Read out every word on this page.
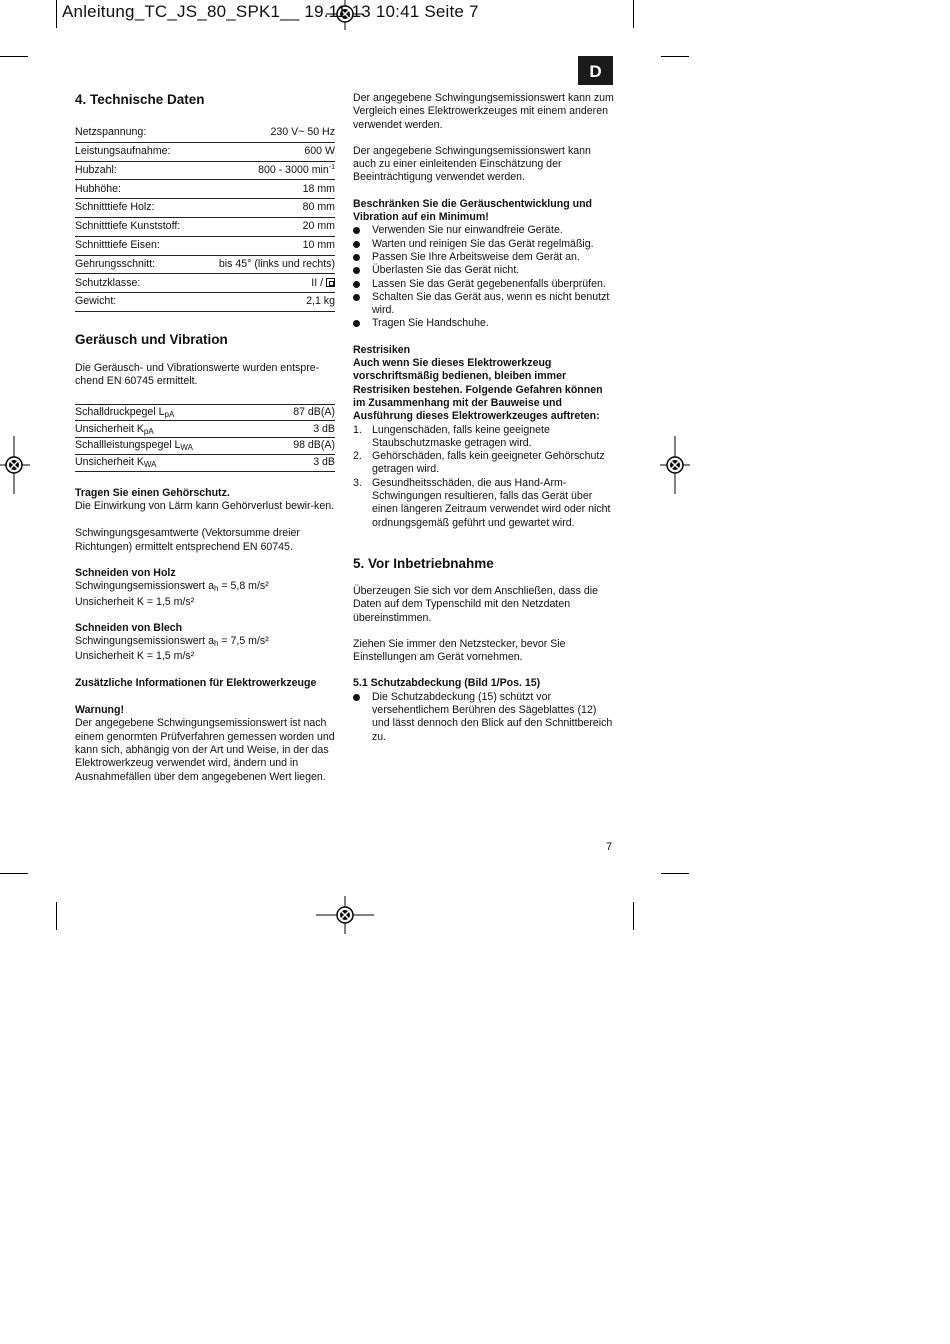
Anleitung_TC_JS_80_SPK1__ 19.11.13 10:41 Seite 7
D
4. Technische Daten
Netzspannung:	230 V~ 50 Hz
Leistungsaufnahme:	600 W
Hubzahl:	800 - 3000 $\min^{-1}$
Hubhöhe:	18 mm
Schnitttiefe Holz:	80 mm
Schnitttiefe Kunststoff:	20 mm
Schnitttiefe Eisen:	10 mm
Gehrungsschnitt:	bis 45° (links und rechts)
Schutzklasse:	II /
Gewicht:	2,1 kg
Geräusch und Vibration

Die Geräusch- und Vibrationswerte wurden entspre-chend EN 60745 ermittelt.

Schalldruckpegel $L_{pA}$	87 dB(A)
Unsicherheit $K_{pA}$	3 dB
Schallleistungspegel $L_{WA}$	98 dB(A)
Unsicherheit $K_{WA}$	3 dB

Tragen Sie einen Gehörschutz.

Die Einwirkung von Lärm kann Gehörverlust bewir-ken.

Schwingungsgesamtwerte (Vektorsumme dreier Richtungen) ermittelt entsprechend EN 60745.

Schneiden von Holz

Schwingungsemissionswert $a_h = 5,8$ m/s²

Unsicherheit K = 1,5 m/s²

Schneiden von Blech

Schwingungsemissionswert $a_h = 7,5$ m/s²

Unsicherheit K = 1,5 m/s²

Zusätzliche Informationen für Elektrowerkzeuge

Warnung!

Der angegebene Schwingungsemissionswert ist nach einem genormten Prüfverfahren gemessen worden und kann sich, abhängig von der Art und Weise, in der das Elektrowerkzeug verwendet wird, ändern und in Ausnahmefällen über dem angegebenen Wert liegen.

Der angegebene Schwingungsemissionswert kann zum Vergleich eines Elektrowerkzeuges mit einem anderen verwendet werden.

Der angegebene Schwingungsemissionswert kann auch zu einer einleitenden Einschätzung der Beeinträchtigung verwendet werden.

Beschränken Sie die Geräuschentwicklung und Vibration auf ein Minimum!

Verwenden Sie nur einwandfreie Geräte.
Warten und reinigen Sie das Gerät regelmäßig.
Passen Sie Ihre Arbeitsweise dem Gerät an.
Überlasten Sie das Gerät nicht.
Lassen Sie das Gerät gegebenenfalls überprüfen.
Schalten Sie das Gerät aus, wenn es nicht benutzt wird.
Tragen Sie Handschuhe.

Restrisiken

Auch wenn Sie dieses Elektrowerkzeug vorschriftsmäßig bedienen, bleiben immer Restrisiken bestehen. Folgende Gefahren können im Zusammenhang mit der Bauweise und Ausführung dieses Elektrowerkzeuges auftreten:

1. Lungenschäden, falls keine geeignete Staubschutzmaske getragen wird.
2. Gehörschäden, falls kein geeigneter Gehörschutz getragen wird.
3. Gesundheitsschäden, die aus Hand-Arm-Schwingungen resultieren, falls das Gerät über einen längeren Zeitraum verwendet wird oder nicht ordnungsgemäß geführt und gewartet wird.
5. Vor Inbetriebnahme

Überzeugen Sie sich vor dem Anschließen, dass die Daten auf dem Typenschild mit den Netzdaten übereinstimmen.

Ziehen Sie immer den Netzstecker, bevor Sie Einstellungen am Gerät vornehmen.

5.1 Schutzabdeckung (Bild 1/Pos. 15)

Die Schutzabdeckung (15) schützt vor versehentlichem Berühren des Sägeblattes (12) und lässt dennoch den Blick auf den Schnittbereich zu.
7
